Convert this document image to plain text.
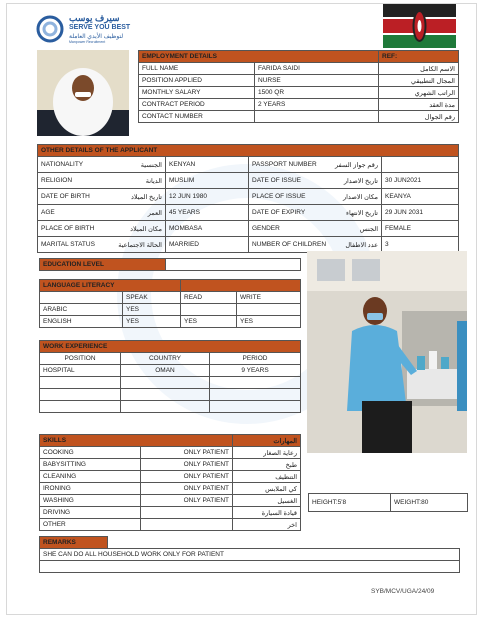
سيرف يوسب
SERVE YOU BEST
لتوظيف الأيدي العاملة
Manpower Recruitment
EMPLOYMENT DETAILS		REF:
FULL NAME	FARIDA SAIDI	الاسم الكامل
POSITION APPLIED	NURSE	المجال التطبيقي
MONTHLY SALARY	1500 QR	الراتب الشهري
CONTRACT PERIOD	2 YEARS	مدة العقد
CONTACT NUMBER		رقم الجوال
OTHER DETAILS OF THE APPLICANT			

NATIONALITY الجنسية	KENYAN	PASSPORT NUMBER رقم جواز السفر	

RELIGION الديانة	MUSLIM	DATE OF ISSUE تاريخ الاصدار	30 JUN2021

DATE OF BIRTH تاريخ الميلاد	12 JUN 1980	PLACE OF ISSUE مكان الاصدار	KEANYA

AGE العمر	45 YEARS	DATE OF EXPIRY تاريخ الانتهاء	29 JUN 2031

PLACE OF BIRTH مكان الميلاد	MOMBASA	GENDER الجنس	FEMALE

MARITAL STATUS الحالة الاجتماعية	MARRIED	NUMBER OF CHILDREN عدد الاطفال	3
EDUCATION LEVEL	
LANGUAGE LITERACY			
	SPEAK	READ	WRITE
ARABIC	YES		
ENGLISH	YES	YES	YES
WORK EXPERIENCE		
POSITION	COUNTRY	PERIOD
HOSPITAL	OMAN	9 YEARS

SKILLS		المهارات
COOKING	ONLY PATIENT	رعاية الصغار
BABYSITTING	ONLY PATIENT	طبخ
CLEANING	ONLY PATIENT	التنظيف
IRONING	ONLY PATIENT	كي الملابس
WASHING	ONLY PATIENT	الغسيل
DRIVING		قيادة السيارة
OTHER		اخر
HEIGHT:5'8	WEIGHT:80
REMARKS	
SHE CAN DO ALL HOUSEHOLD WORK ONLY FOR PATIENT

SYB/MCV/UGA/24/09
